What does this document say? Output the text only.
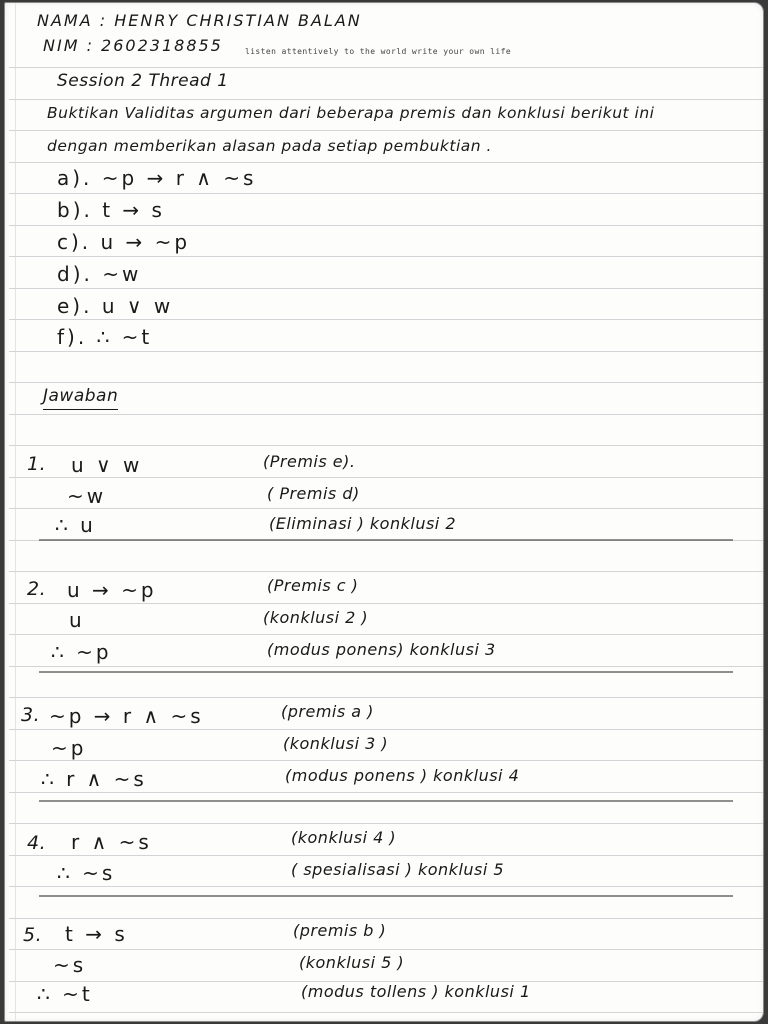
NAMA : HENRY CHRISTIAN BALAN
NIM : 2602318855	listen attentively to the world write your own life
Session 2 Thread 1
Buktikan Validitas argumen dari beberapa premis dan konklusi berikut ini
dengan memberikan alasan pada setiap pembuktian .
a). ~p → r ∧ ~s
b). t → s
c). u → ~p
d). ~w
e). u ∨ w
f). ∴ ~t
Jawaban
1. u ∨ w	(Premis e).
~w	( Premis d)
∴ u	(Eliminasi ) konklusi 2
2. u → ~p	(Premis c )
u	(konklusi 2 )
∴ ~p	(modus ponens) konklusi 3
3. ~p → r ∧ ~s	(premis a )
~p	(konklusi 3 )
∴ r ∧ ~s	(modus ponens ) konklusi 4
4. r ∧ ~s	(konklusi 4 )
∴ ~s	( spesialisasi ) konklusi 5
5. t → s	(premis b )
~s	(konklusi 5 )
∴ ~t	(modus tollens ) konklusi 1
